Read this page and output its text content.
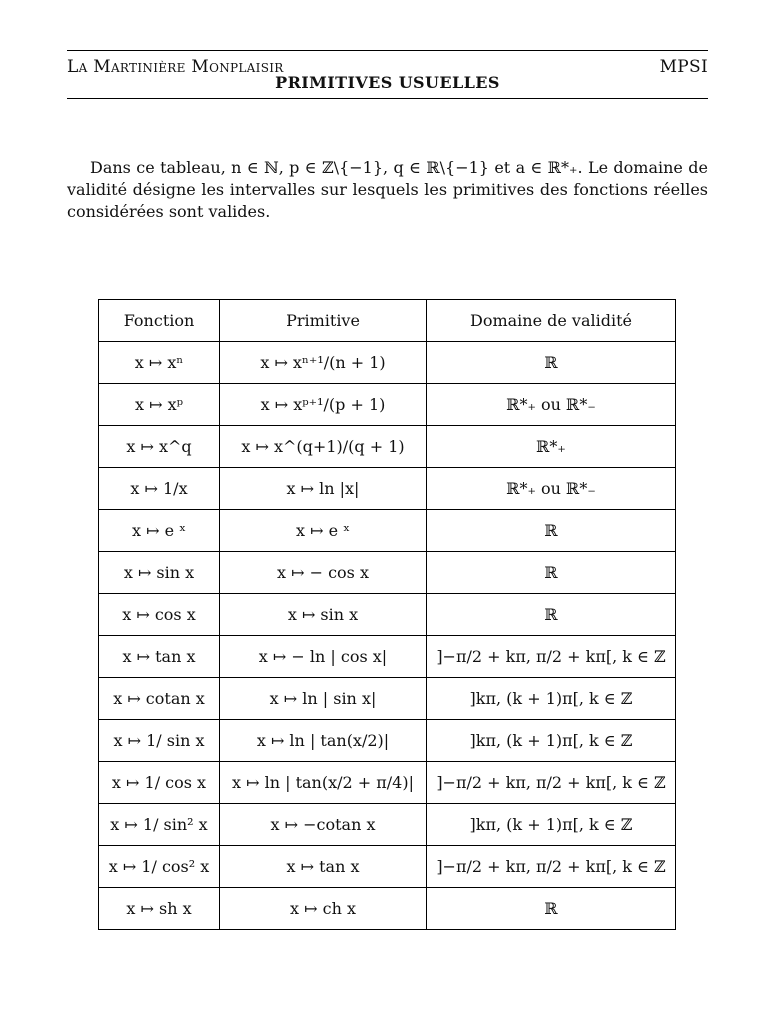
La Martinière Monplaisir	MPSI
PRIMITIVES USUELLES

Dans ce tableau, n ∈ ℕ, p ∈ ℤ\{−1}, q ∈ ℝ\{−1} et a ∈ ℝ*₊. Le domaine de validité désigne les intervalles sur lesquels les primitives des fonctions réelles considérées sont valides.

Fonction	Primitive	Domaine de validité
x ↦ xⁿ	x ↦ xⁿ⁺¹/(n + 1)	ℝ
x ↦ xᵖ	x ↦ xᵖ⁺¹/(p + 1)	ℝ*₊ ou ℝ*₋
x ↦ x^q	x ↦ x^(q+1)/(q + 1)	ℝ*₊
x ↦ 1/x	x ↦ ln |x|	ℝ*₊ ou ℝ*₋
x ↦ e ˣ	x ↦ e ˣ	ℝ
x ↦ sin x	x ↦ − cos x	ℝ
x ↦ cos x	x ↦ sin x	ℝ
x ↦ tan x	x ↦ − ln | cos x|	]−π/2 + kπ, π/2 + kπ[, k ∈ ℤ
x ↦ cotan x	x ↦ ln | sin x|	]kπ, (k + 1)π[, k ∈ ℤ
x ↦ 1/ sin x	x ↦ ln | tan(x/2)|	]kπ, (k + 1)π[, k ∈ ℤ
x ↦ 1/ cos x	x ↦ ln | tan(x/2 + π/4)|	]−π/2 + kπ, π/2 + kπ[, k ∈ ℤ
x ↦ 1/ sin² x	x ↦ −cotan x	]kπ, (k + 1)π[, k ∈ ℤ
x ↦ 1/ cos² x	x ↦ tan x	]−π/2 + kπ, π/2 + kπ[, k ∈ ℤ
x ↦ sh x	x ↦ ch x	ℝ
